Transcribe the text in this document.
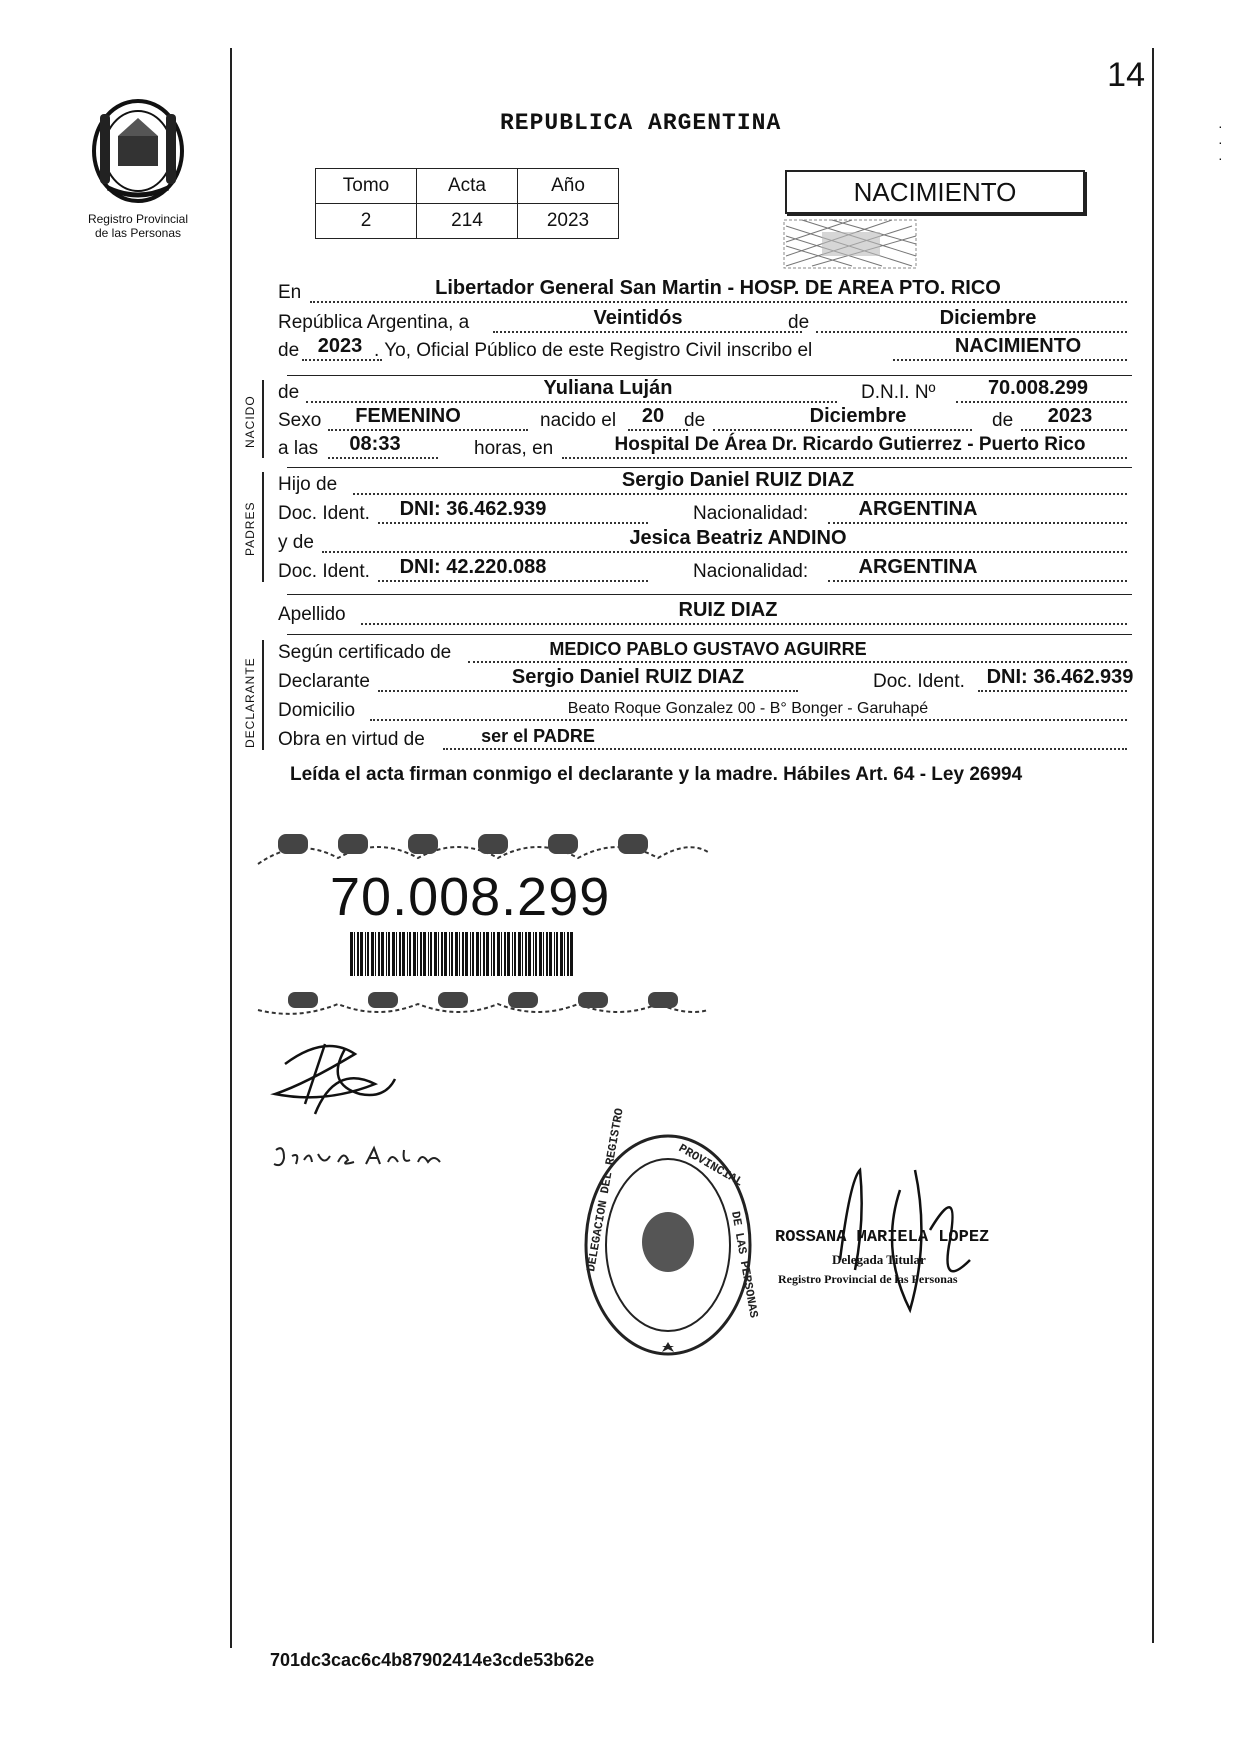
Registro Provincial
de las Personas
14
REPUBLICA ARGENTINA	·
·
·
Tomo	Acta	Año
2	214	2023
NACIMIENTO
En	Libertador General San Martin - HOSP. DE AREA PTO. RICO
República Argentina, a	Veintidós	de	Diciembre
de 2023 . Yo, Oficial Público de este Registro Civil inscribo el	NACIMIENTO
NACIDO
de	Yuliana Luján	D.N.I. Nº	70.008.299
Sexo	FEMENINO	nacido el	20	de	Diciembre	de	2023
a las	08:33	horas, en	Hospital De Área Dr. Ricardo Gutierrez - Puerto Rico
PADRES
Hijo de	Sergio Daniel RUIZ DIAZ
Doc. Ident.	DNI: 36.462.939	Nacionalidad:	ARGENTINA
y de	Jesica Beatriz ANDINO
Doc. Ident.	DNI: 42.220.088	Nacionalidad:	ARGENTINA
Apellido	RUIZ DIAZ
DECLARANTE
Según certificado de	MEDICO PABLO GUSTAVO AGUIRRE
Declarante	Sergio Daniel RUIZ DIAZ	Doc. Ident.	DNI: 36.462.939
Domicilio	Beato Roque Gonzalez 00 - B° Bonger - Garuhapé
Obra en virtud de	ser el PADRE
Leída el acta firman conmigo el declarante y la madre. Hábiles Art. 64 - Ley 26994
70.008.299
DELEGACION DEL REGISTRO	PROVINCIAL
DE LAS PERSONAS ROSSANA MARIELA LOPEZ
Delegada Titular
Registro Provincial de las Personas
701dc3cac6c4b87902414e3cde53b62e
